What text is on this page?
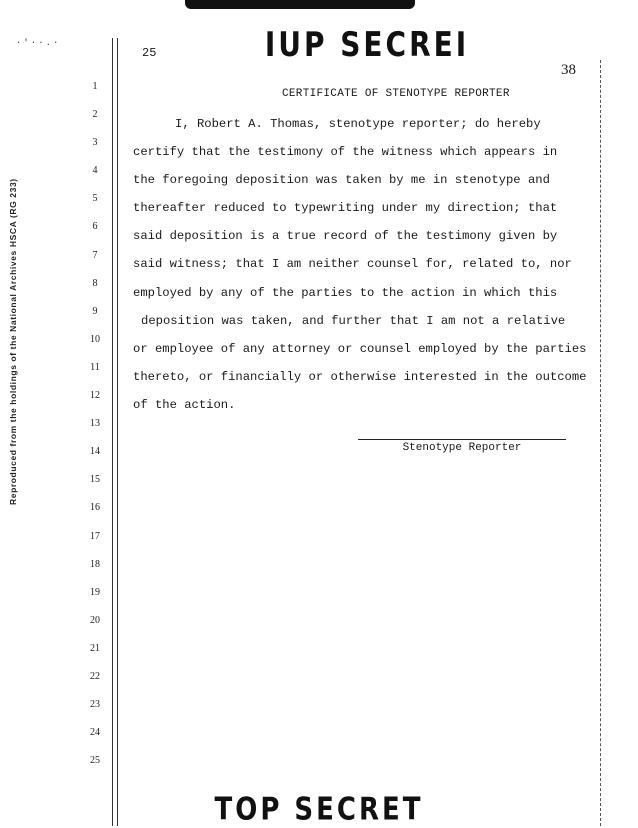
Reproduced from the holdings of the National Archives HSCA (RG 233)
·'··.·
25	IUP SECREI
38
1
2
3
4
5
6
7
8
9
10
11
12
13
14
15
16
17
18
19
20
21
22
23
24
25
CERTIFICATE OF STENOTYPE REPORTER
I, Robert A. Thomas, stenotype reporter; do hereby
certify that the testimony of the witness which appears in
the foregoing deposition was taken by me in stenotype and
thereafter reduced to typewriting under my direction; that
said deposition is a true record of the testimony given by
said witness; that I am neither counsel for, related to, nor
employed by any of the parties to the action in which this
deposition was taken, and further that I am not a relative
or employee of any attorney or counsel employed by the parties
thereto, or financially or otherwise interested in the outcome
of the action.
Stenotype Reporter
TOP SECRET
